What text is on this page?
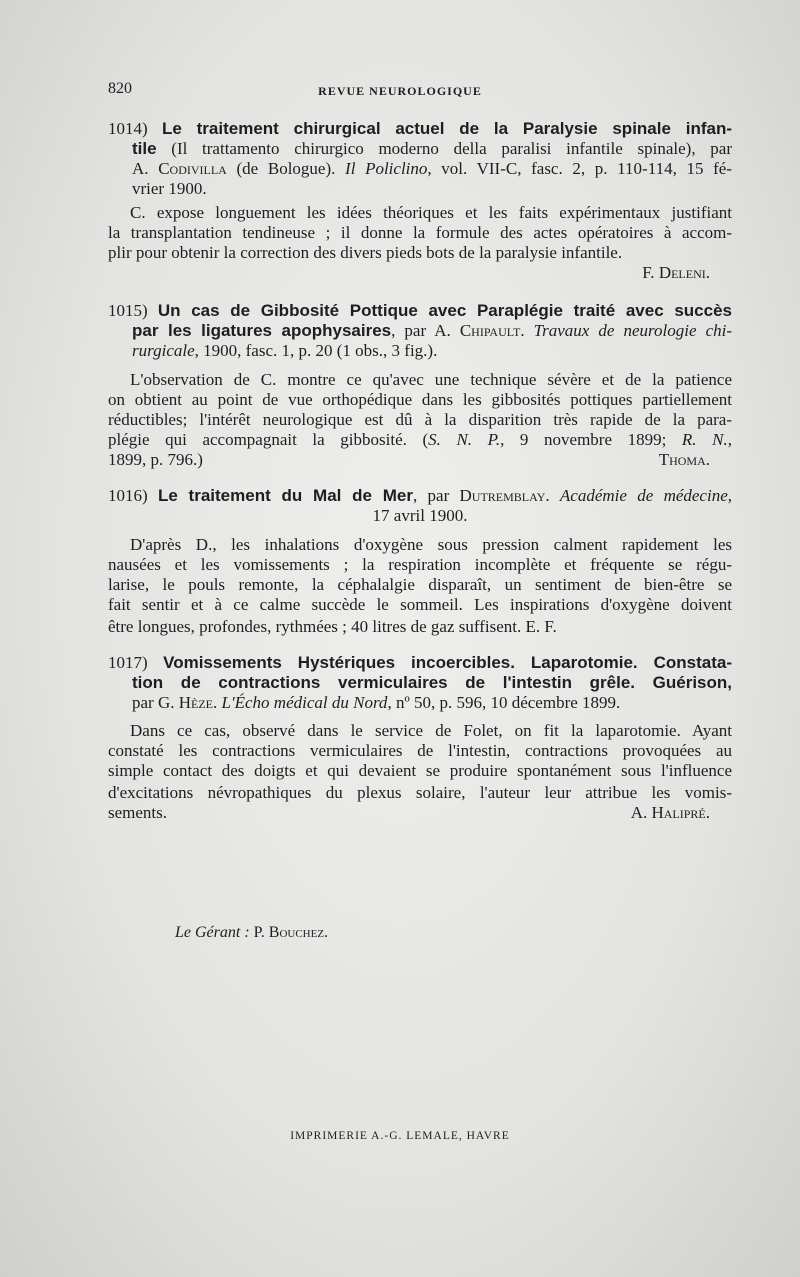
820	REVUE NEUROLOGIQUE
1014) Le traitement chirurgical actuel de la Paralysie spinale infan-
tile (Il trattamento chirurgico moderno della paralisi infantile spinale), par
A. Codivilla (de Bologue). Il Policlino, vol. VII-C, fasc. 2, p. 110-114, 15 fé-
vrier 1900.
C. expose longuement les idées théoriques et les faits expérimentaux justifiant
la transplantation tendineuse ; il donne la formule des actes opératoires à accom-
plir pour obtenir la correction des divers pieds bots de la paralysie infantile.
F. Deleni.
1015) Un cas de Gibbosité Pottique avec Paraplégie traité avec succès
par les ligatures apophysaires, par A. Chipault. Travaux de neurologie chi-
rurgicale, 1900, fasc. 1, p. 20 (1 obs., 3 fig.).
L'observation de C. montre ce qu'avec une technique sévère et de la patience
on obtient au point de vue orthopédique dans les gibbosités pottiques partiellement
réductibles; l'intérêt neurologique est dû à la disparition très rapide de la para-
plégie qui accompagnait la gibbosité. (S. N. P., 9 novembre 1899; R. N.,
1899, p. 796.)	Thoma.
1016) Le traitement du Mal de Mer, par Dutremblay. Académie de médecine,
17 avril 1900.
D'après D., les inhalations d'oxygène sous pression calment rapidement les
nausées et les vomissements ; la respiration incomplète et fréquente se régu-
larise, le pouls remonte, la céphalalgie disparaît, un sentiment de bien-être se
fait sentir et à ce calme succède le sommeil. Les inspirations d'oxygène doivent
être longues, profondes, rythmées ; 40 litres de gaz suffisent. E. F.
1017) Vomissements Hystériques incoercibles. Laparotomie. Constata-
tion de contractions vermiculaires de l'intestin grêle. Guérison,
par G. Hèze. L'Écho médical du Nord, nº 50, p. 596, 10 décembre 1899.
Dans ce cas, observé dans le service de Folet, on fit la laparotomie. Ayant
constaté les contractions vermiculaires de l'intestin, contractions provoquées au
simple contact des doigts et qui devaient se produire spontanément sous l'influence
d'excitations névropathiques du plexus solaire, l'auteur leur attribue les vomis-
sements.	A. Halipré.
Le Gérant : P. Bouchez.
IMPRIMERIE A.-G. LEMALE, HAVRE
